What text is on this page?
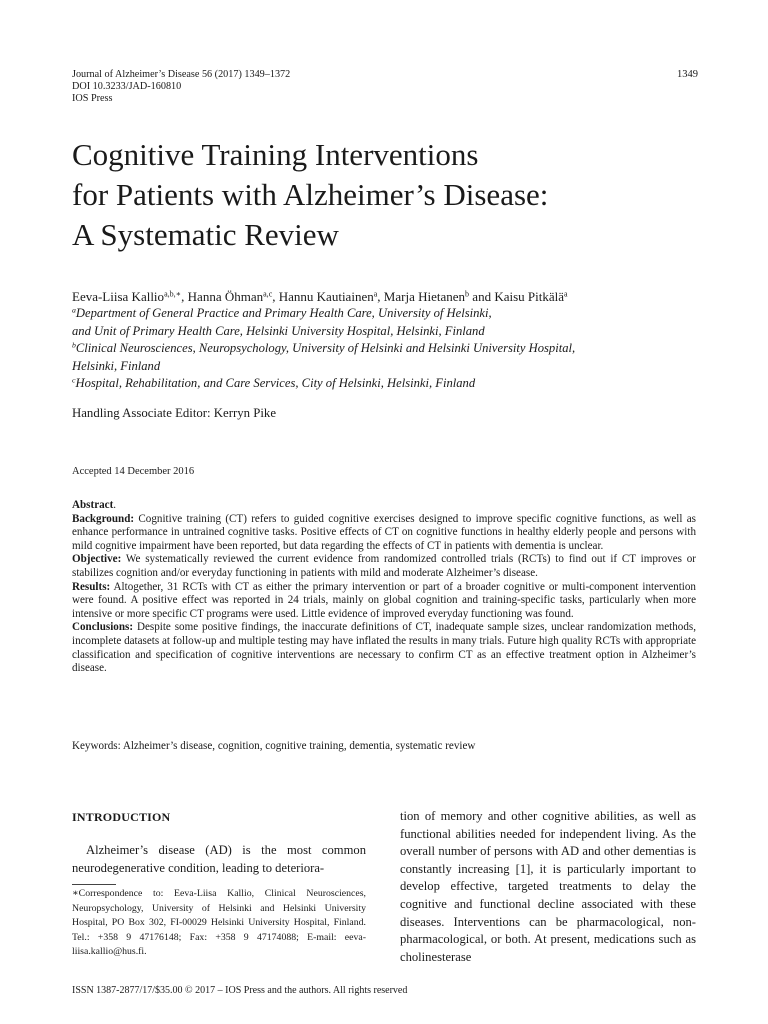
Journal of Alzheimer’s Disease 56 (2017) 1349–1372
DOI 10.3233/JAD-160810
IOS Press
1349
Cognitive Training Interventions
for Patients with Alzheimer’s Disease:
A Systematic Review
Eeva-Liisa Kallio$^{a,b,∗}$, Hanna Öhman$^{a,c}$, Hannu Kautiainen$^a$, Marja Hietanen$^b$ and Kaisu Pitkälä$^a$
$^a$Department of General Practice and Primary Health Care, University of Helsinki,
and Unit of Primary Health Care, Helsinki University Hospital, Helsinki, Finland
$^b$Clinical Neurosciences, Neuropsychology, University of Helsinki and Helsinki University Hospital,
Helsinki, Finland
$^c$Hospital, Rehabilitation, and Care Services, City of Helsinki, Helsinki, Finland
Handling Associate Editor: Kerryn Pike
Accepted 14 December 2016

Abstract.

Background: Cognitive training (CT) refers to guided cognitive exercises designed to improve specific cognitive functions, as well as enhance performance in untrained cognitive tasks. Positive effects of CT on cognitive functions in healthy elderly people and persons with mild cognitive impairment have been reported, but data regarding the effects of CT in patients with dementia is unclear.

Objective: We systematically reviewed the current evidence from randomized controlled trials (RCTs) to find out if CT improves or stabilizes cognition and/or everyday functioning in patients with mild and moderate Alzheimer’s disease.

Results: Altogether, 31 RCTs with CT as either the primary intervention or part of a broader cognitive or multi-component intervention were found. A positive effect was reported in 24 trials, mainly on global cognition and training-specific tasks, particularly when more intensive or more specific CT programs were used. Little evidence of improved everyday functioning was found.

Conclusions: Despite some positive findings, the inaccurate definitions of CT, inadequate sample sizes, unclear randomization methods, incomplete datasets at follow-up and multiple testing may have inflated the results in many trials. Future high quality RCTs with appropriate classification and specification of cognitive interventions are necessary to confirm CT as an effective treatment option in Alzheimer’s disease.

Keywords: Alzheimer’s disease, cognition, cognitive training, dementia, systematic review

INTRODUCTION

Alzheimer’s disease (AD) is the most common neurodegenerative condition, leading to deteriora-

∗Correspondence to: Eeva-Liisa Kallio, Clinical Neurosciences, Neuropsychology, University of Helsinki and Helsinki University Hospital, PO Box 302, FI-00029 Helsinki University Hospital, Finland. Tel.: +358 9 47176148; Fax: +358 9 47174088; E-mail: eeva-liisa.kallio@hus.fi.

tion of memory and other cognitive abilities, as well as functional abilities needed for independent living. As the overall number of persons with AD and other dementias is constantly increasing [1], it is particularly important to develop effective, targeted treatments to delay the cognitive and functional decline associated with these diseases. Interventions can be pharmacological, non-pharmacological, or both. At present, medications such as cholinesterase

ISSN 1387-2877/17/$35.00 © 2017 – IOS Press and the authors. All rights reserved
